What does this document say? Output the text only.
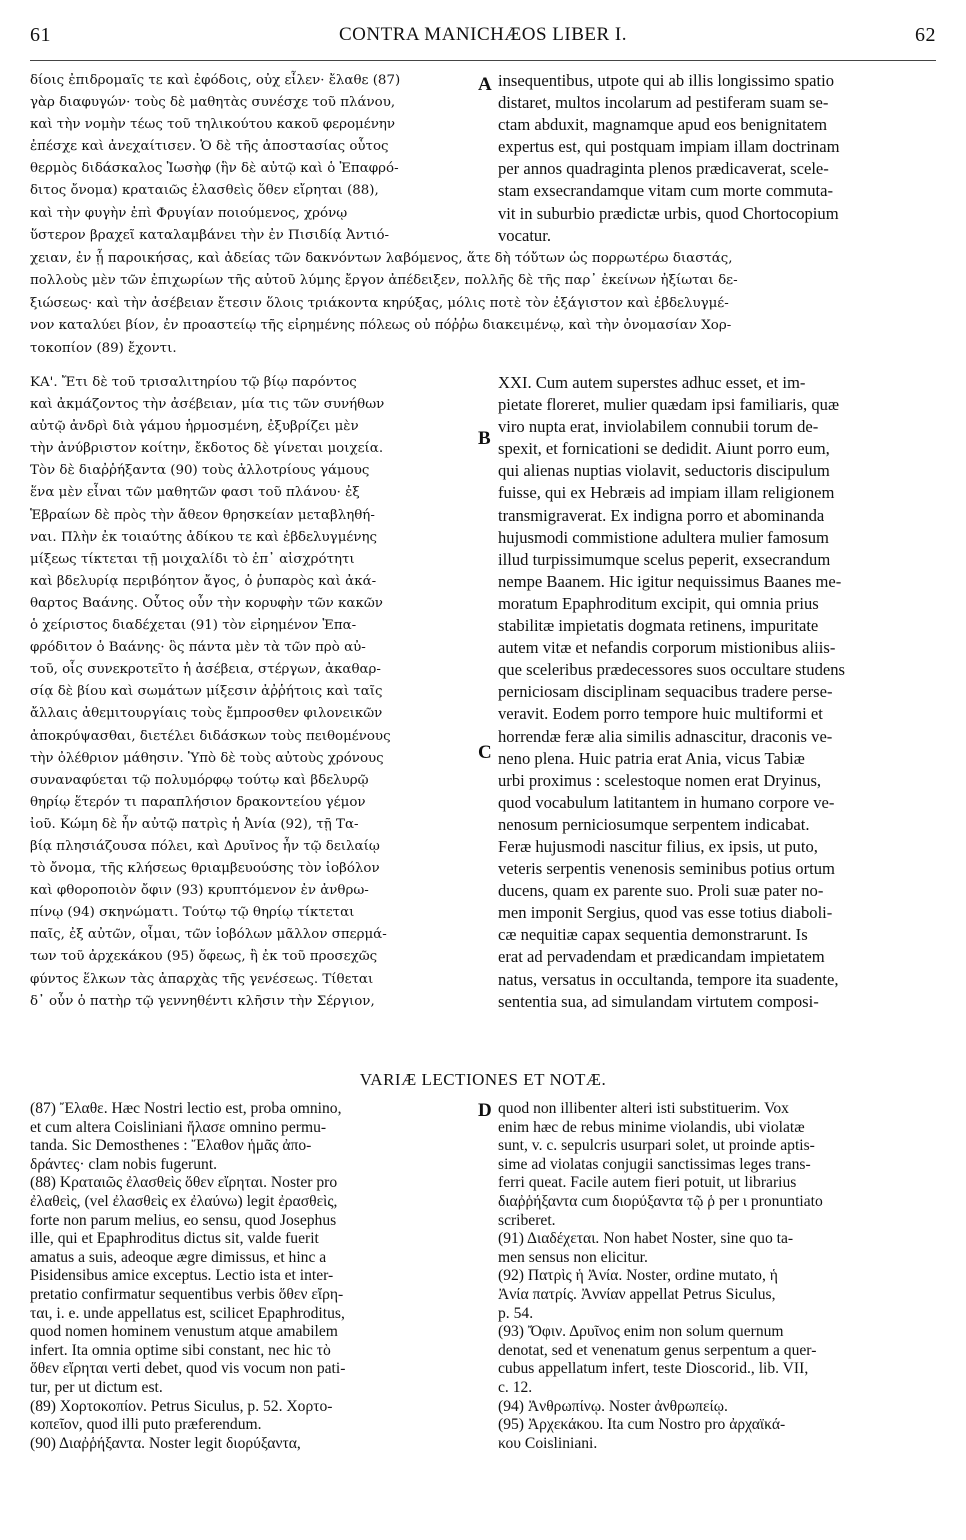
61	CONTRA MANICHÆOS LIBER I.	62
A
B
C
D
δίοις ἐπιδρομαῖς τε καὶ ἐφόδοις, οὐχ εἶλεν· ἔλαθε (87)
γὰρ διαφυγών· τοὺς δὲ μαθητὰς συνέσχε τοῦ πλάνου,
καὶ τὴν νομὴν τέως τοῦ τηλικούτου κακοῦ φερομένην
ἐπέσχε καὶ ἀνεχαίτισεν. Ὁ δὲ τῆς ἀποστασίας οὗτος
θερμὸς διδάσκαλος Ἰωσὴφ (ἣν δὲ αὐτῷ καὶ ὁ Ἐπαφρό-
διτος ὄνομα) κραταιῶς ἐλασθεὶς ὅθεν εἴρηται (88),
καὶ τὴν φυγὴν ἐπὶ Φρυγίαν ποιούμενος, χρόνῳ
ὕστερον βραχεῖ καταλαμβάνει τὴν ἐν Πισιδίᾳ Ἀντιό-
insequentibus, utpote qui ab illis longissimo spatio
distaret, multos incolarum ad pestiferam suam se-
ctam abduxit, magnamque apud eos benignitatem
expertus est, qui postquam impiam illam doctrinam
per annos quadraginta plenos prædicaverat, scele-
stam exsecrandamque vitam cum morte commuta-
vit in suburbio prædictæ urbis, quod Chortocopium
vocatur.
χειαν, ἐν ᾗ παροικήσας, καὶ ἀδείας τῶν δακνόντων λαβόμενος, ἅτε δὴ τόὔτων ὡς πορρωτέρω διαστάς,
πολλοὺς μὲν τῶν ἐπιχωρίων τῆς αὐτοῦ λύμης ἔργον ἀπέδειξεν, πολλῆς δὲ τῆς παρ᾽ ἐκείνων ἠξίωται δε-
ξιώσεως· καὶ τὴν ἀσέβειαν ἔτεσιν ὅλοις τριάκοντα κηρύξας, μόλις ποτὲ τὸν ἐξάγιστον καὶ ἐβδελυγμέ-
νον καταλύει βίον, ἐν προαστείῳ τῆς εἰρημένης πόλεως οὐ πόῤῥω διακειμένῳ, καὶ τὴν ὀνομασίαν Χορ-
τοκοπίον (89) ἔχοντι.
ΚΑ'. Ἔτι δὲ τοῦ τρισαλιτηρίου τῷ βίῳ παρόντος
καὶ ἀκμάζοντος τὴν ἀσέβειαν, μία τις τῶν συνήθων
αὐτῷ ἀνδρὶ διὰ γάμου ἡρμοσμένη, ἐξυβρίζει μὲν
τὴν ἀνύβριστον κοίτην, ἔκδοτος δὲ γίνεται μοιχεία.
Τὸν δὲ διαῤῥήξαντα (90) τοὺς ἀλλοτρίους γάμους
ἕνα μὲν εἶναι τῶν μαθητῶν φασι τοῦ πλάνου· ἐξ
Ἑβραίων δὲ πρὸς τὴν ἄθεον θρησκείαν μεταβληθή-
ναι. Πλὴν ἐκ τοιαύτης ἀδίκου τε καὶ ἐβδελυγμένης
μίξεως τίκτεται τῇ μοιχαλίδι τὸ ἐπ᾽ αἰσχρότητι
καὶ βδελυρίᾳ περιβόητον ἄγος, ὁ ῥυπαρὸς καὶ ἀκά-
θαρτος Βαάνης. Οὗτος οὖν τὴν κορυφὴν τῶν κακῶν
ὁ χείριστος διαδέχεται (91) τὸν εἰρημένον Ἐπα-
φρόδιτον ὁ Βαάνης· ὃς πάντα μὲν τὰ τῶν πρὸ αὐ-
τοῦ, οἷς συνεκροτεῖτο ἡ ἀσέβεια, στέργων, ἀκαθαρ-
σίᾳ δὲ βίου καὶ σωμάτων μίξεσιν ἀῤῥήτοις καὶ ταῖς
ἄλλαις ἀθεμιτουργίαις τοὺς ἔμπροσθεν φιλονεικῶν
ἀποκρύψασθαι, διετέλει διδάσκων τοὺς πειθομένους
τὴν ὀλέθριον μάθησιν. Ὑπὸ δὲ τοὺς αὐτοὺς χρόνους
συναναφύεται τῷ πολυμόρφῳ τούτῳ καὶ βδελυρῷ
θηρίῳ ἕτερόν τι παραπλήσιον δρακοντείου γέμον
ἰοῦ. Κώμη δὲ ἦν αὐτῷ πατρὶς ἡ Ἀνία (92), τῇ Τα-
βίᾳ πλησιάζουσα πόλει, καὶ Δρυῖνος ἦν τῷ δειλαίῳ
τὸ ὄνομα, τῆς κλήσεως θριαμβευούσης τὸν ἰοβόλον
καὶ φθοροποιὸν ὄφιν (93) κρυπτόμενον ἐν ἀνθρω-
πίνῳ (94) σκηνώματι. Τούτῳ τῷ θηρίῳ τίκτεται
παῖς, ἐξ αὐτῶν, οἶμαι, τῶν ἰοβόλων μᾶλλον σπερμά-
των τοῦ ἀρχεκάκου (95) ὄφεως, ἢ ἐκ τοῦ προσεχῶς
φύντος ἕλκων τὰς ἀπαρχὰς τῆς γενέσεως. Τίθεται
δ᾽ οὖν ὁ πατὴρ τῷ γεννηθέντι κλῆσιν τὴν Σέργιον,
XXI. Cum autem superstes adhuc esset, et im-
pietate floreret, mulier quædam ipsi familiaris, quæ
viro nupta erat, inviolabilem connubii torum de-
spexit, et fornicationi se dedidit. Aiunt porro eum,
qui alienas nuptias violavit, seductoris discipulum
fuisse, qui ex Hebræis ad impiam illam religionem
transmigraverat. Ex indigna porro et abominanda
hujusmodi commistione adultera mulier famosum
illud turpissimumque scelus peperit, exsecrandum
nempe Baanem. Hic igitur nequissimus Baanes me-
moratum Epaphroditum excipit, qui omnia prius
stabilitæ impietatis dogmata retinens, impuritate
autem vitæ et nefandis corporum mistionibus aliis-
que sceleribus prædecessores suos occultare studens
perniciosam disciplinam sequacibus tradere perse-
veravit. Eodem porro tempore huic multiformi et
horrendæ feræ alia similis adnascitur, draconis ve-
neno plena. Huic patria erat Ania, vicus Tabiæ
urbi proximus : scelestoque nomen erat Dryinus,
quod vocabulum latitantem in humano corpore ve-
nenosum perniciosumque serpentem indicabat.
Feræ hujusmodi nascitur filius, ex ipsis, ut puto,
veteris serpentis venenosis seminibus potius ortum
ducens, quam ex parente suo. Proli suæ pater no-
men imponit Sergius, quod vas esse totius diaboli-
cæ nequitiæ capax sequentia demonstrarunt. Is
erat ad pervadendam et prædicandam impietatem
natus, versatus in occultanda, tempore ita suadente,
sententia sua, ad simulandam virtutem composi-
VARIÆ LECTIONES ET NOTÆ.
(87) Ἔλαθε. Hæc Nostri lectio est, proba omnino,
et cum altera Coisliniani ἤλασε omnino permu-
tanda. Sic Demosthenes : Ἔλαθον ἡμᾶς ἀπο-
δράντες· clam nobis fugerunt.
(88) Κραταιῶς ἐλασθεὶς ὅθεν εἴρηται. Noster pro
ἐλαθεὶς, (vel ἐλασθεὶς ex ἐλαύνω) legit ἐρασθεὶς,
forte non parum melius, eo sensu, quod Josephus
ille, qui et Epaphroditus dictus sit, valde fuerit
amatus a suis, adeoque ægre dimissus, et hinc a
Pisidensibus amice exceptus. Lectio ista et inter-
pretatio confirmatur sequentibus verbis ὅθεν εἴρη-
ται, i. e. unde appellatus est, scilicet Epaphroditus,
quod nomen hominem venustum atque amabilem
infert. Ita omnia optime sibi constant, nec hic τὸ
ὅθεν εἴρηται verti debet, quod vis vocum non pati-
tur, per ut dictum est.
(89) Χορτοκοπίον. Petrus Siculus, p. 52. Χορτο-
κοπεῖον, quod illi puto præferendum.
(90) Διαῤῥήξαντα. Noster legit διορύξαντα,
quod non illibenter alteri isti substituerim. Vox
enim hæc de rebus minime violandis, ubi violatæ
sunt, v. c. sepulcris usurpari solet, ut proinde aptis-
sime ad violatas conjugii sanctissimas leges trans-
ferri queat. Facile autem fieri potuit, ut librarius
διαῤῥήξαντα cum διορύξαντα τῷ ῥ per ι pronuntiato
scriberet.
(91) Διαδέχεται. Non habet Noster, sine quo ta-
men sensus non elicitur.
(92) Πατρὶς ἡ Ἀνία. Noster, ordine mutato, ἡ
Ἀνία πατρίς. Ἀννίαν appellat Petrus Siculus,
p. 54.
(93) Ὄφιν. Δρυῖνος enim non solum quernum
denotat, sed et venenatum genus serpentum a quer-
cubus appellatum infert, teste Dioscorid., lib. VII,
c. 12.
(94) Ἀνθρωπίνῳ. Noster ἀνθρωπείῳ.
(95) Ἀρχεκάκου. Ita cum Nostro pro ἀρχαϊκά-
κου Coisliniani.
